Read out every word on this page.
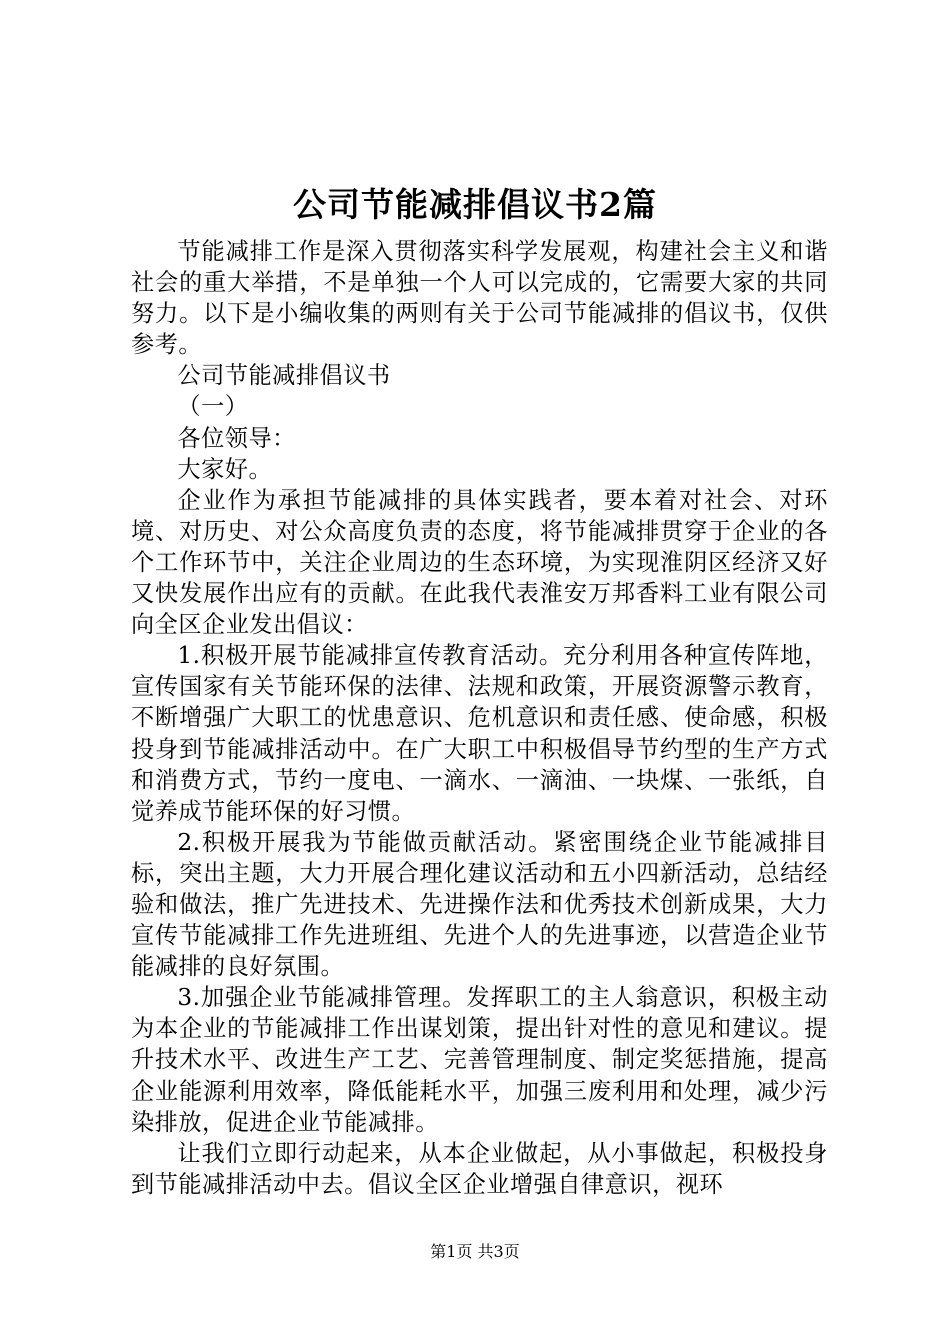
公司节能减排倡议书2篇

节能减排工作是深入贯彻落实科学发展观，构建社会主义和谐社会的重大举措，不是单独一个人可以完成的，它需要大家的共同努力。以下是小编收集的两则有关于公司节能减排的倡议书，仅供参考。

公司节能减排倡议书

（一）

各位领导：

大家好。

企业作为承担节能减排的具体实践者，要本着对社会、对环境、对历史、对公众高度负责的态度，将节能减排贯穿于企业的各个工作环节中，关注企业周边的生态环境，为实现淮阴区经济又好又快发展作出应有的贡献。在此我代表淮安万邦香料工业有限公司向全区企业发出倡议：

1.积极开展节能减排宣传教育活动。充分利用各种宣传阵地，宣传国家有关节能环保的法律、法规和政策，开展资源警示教育，不断增强广大职工的忧患意识、危机意识和责任感、使命感，积极投身到节能减排活动中。在广大职工中积极倡导节约型的生产方式和消费方式，节约一度电、一滴水、一滴油、一块煤、一张纸，自觉养成节能环保的好习惯。

2.积极开展我为节能做贡献活动。紧密围绕企业节能减排目标，突出主题，大力开展合理化建议活动和五小四新活动，总结经验和做法，推广先进技术、先进操作法和优秀技术创新成果，大力宣传节能减排工作先进班组、先进个人的先进事迹，以营造企业节能减排的良好氛围。

3.加强企业节能减排管理。发挥职工的主人翁意识，积极主动为本企业的节能减排工作出谋划策，提出针对性的意见和建议。提升技术水平、改进生产工艺、完善管理制度、制定奖惩措施，提高企业能源利用效率，降低能耗水平，加强三废利用和处理，减少污染排放，促进企业节能减排。

让我们立即行动起来，从本企业做起，从小事做起，积极投身到节能减排活动中去。倡议全区企业增强自律意识，视环

第1页 共3页
